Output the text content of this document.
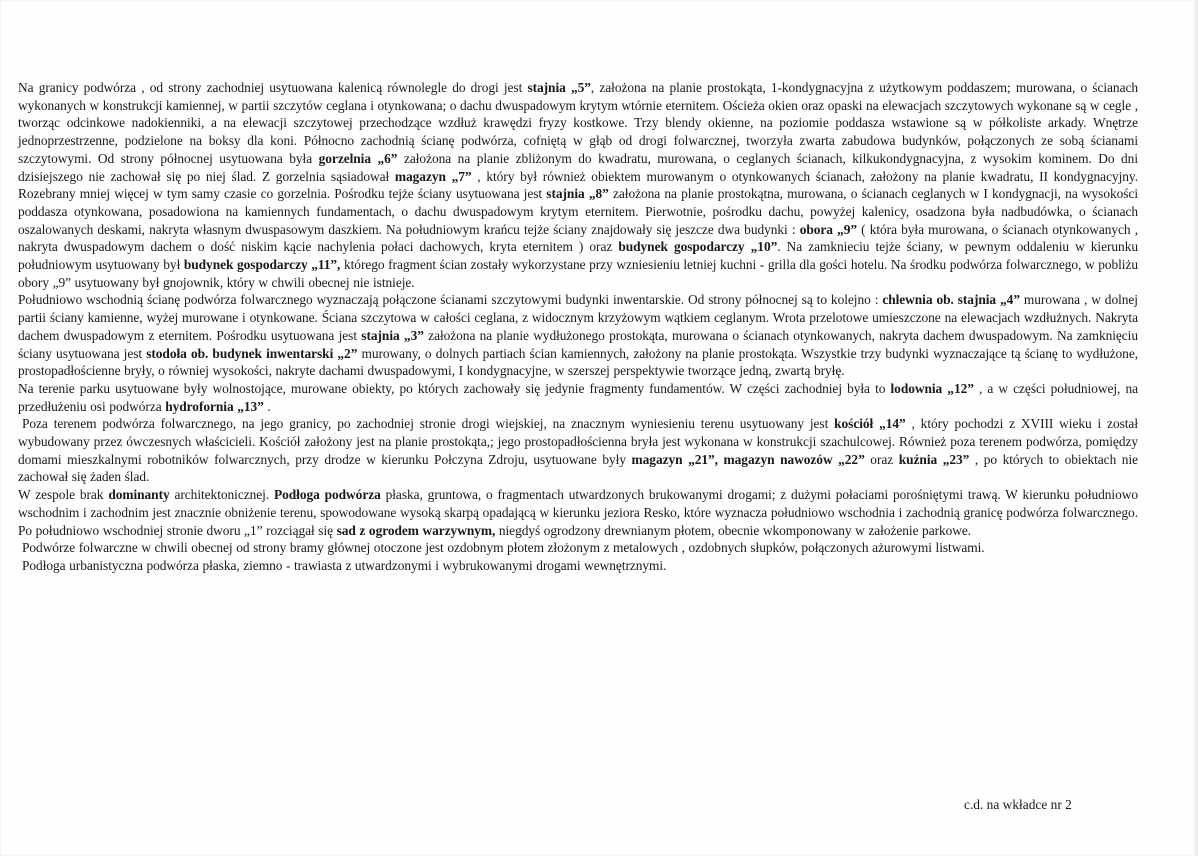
Na granicy podwórza , od strony zachodniej usytuowana kalenicą równolegle do drogi jest stajnia „5”, założona na planie prostokąta, 1-kondygnacyjna z użytkowym poddaszem; murowana, o ścianach wykonanych w konstrukcji kamiennej, w partii szczytów ceglana i otynkowana; o dachu dwuspadowym krytym wtórnie eternitem. Ościeża okien oraz opaski na elewacjach szczytowych wykonane są w cegle , tworząc odcinkowe nadokienniki, a na elewacji szczytowej przechodzące wzdłuż krawędzi fryzy kostkowe. Trzy blendy okienne, na poziomie poddasza wstawione są w półkoliste arkady. Wnętrze jednoprzestrzenne, podzielone na boksy dla koni. Północno zachodnią ścianę podwórza, cofniętą w głąb od drogi folwarcznej, tworzyła zwarta zabudowa budynków, połączonych ze sobą ścianami szczytowymi. Od strony północnej usytuowana była gorzelnia „6” założona na planie zbliżonym do kwadratu, murowana, o ceglanych ścianach, kilkukondygnacyjna, z wysokim kominem. Do dni dzisiejszego nie zachował się po niej ślad. Z gorzelnia sąsiadował magazyn „7” , który był również obiektem murowanym o otynkowanych ścianach, założony na planie kwadratu, II kondygnacyjny. Rozebrany mniej więcej w tym samy czasie co gorzelnia. Pośrodku tejże ściany usytuowana jest stajnia „8” założona na planie prostokątna, murowana, o ścianach ceglanych w I kondygnacji, na wysokości poddasza otynkowana, posadowiona na kamiennych fundamentach, o dachu dwuspadowym krytym eternitem. Pierwotnie, pośrodku dachu, powyżej kalenicy, osadzona była nadbudówka, o ścianach oszalowanych deskami, nakryta własnym dwuspasowym daszkiem. Na południowym krańcu tejże ściany znajdowały się jeszcze dwa budynki : obora „9” ( która była murowana, o ścianach otynkowanych , nakryta dwuspadowym dachem o dość niskim kącie nachylenia połaci dachowych, kryta eternitem ) oraz budynek gospodarczy „10”. Na zamknieciu tejże ściany, w pewnym oddaleniu w kierunku południowym usytuowany był budynek gospodarczy „11”, którego fragment ścian zostały wykorzystane przy wzniesieniu letniej kuchni - grilla dla gości hotelu. Na środku podwórza folwarcznego, w pobliżu obory „9” usytuowany był gnojownik, który w chwili obecnej nie istnieje.

Południowo wschodnią ścianę podwórza folwarcznego wyznaczają połączone ścianami szczytowymi budynki inwentarskie. Od strony północnej są to kolejno : chlewnia ob. stajnia „4” murowana , w dolnej partii ściany kamienne, wyżej murowane i otynkowane. Ściana szczytowa w całości ceglana, z widocznym krzyżowym wątkiem ceglanym. Wrota przelotowe umieszczone na elewacjach wzdłużnych. Nakryta dachem dwuspadowym z eternitem. Pośrodku usytuowana jest stajnia „3” założona na planie wydłużonego prostokąta, murowana o ścianach otynkowanych, nakryta dachem dwuspadowym. Na zamknięciu ściany usytuowana jest stodoła ob. budynek inwentarski „2” murowany, o dolnych partiach ścian kamiennych, założony na planie prostokąta. Wszystkie trzy budynki wyznaczające tą ścianę to wydłużone, prostopadłościenne bryły, o równiej wysokości, nakryte dachami dwuspadowymi, I kondygnacyjne, w szerszej perspektywie tworzące jedną, zwartą bryłę.

Na terenie parku usytuowane były wolnostojące, murowane obiekty, po których zachowały się jedynie fragmenty fundamentów. W części zachodniej była to lodownia „12” , a w części południowej, na przedłużeniu osi podwórza hydrofornia „13” .

Poza terenem podwórza folwarcznego, na jego granicy, po zachodniej stronie drogi wiejskiej, na znacznym wyniesieniu terenu usytuowany jest kościół „14” , który pochodzi z XVIII wieku i został wybudowany przez ówczesnych właścicieli. Kościół założony jest na planie prostokąta,; jego prostopadłościenna bryła jest wykonana w konstrukcji szachulcowej. Również poza terenem podwórza, pomiędzy domami mieszkalnymi robotników folwarcznych, przy drodze w kierunku Połczyna Zdroju, usytuowane były magazyn „21”, magazyn nawozów „22” oraz kuźnia „23” , po których to obiektach nie zachował się żaden ślad.

W zespole brak dominanty architektonicznej. Podłoga podwórza płaska, gruntowa, o fragmentach utwardzonych brukowanymi drogami; z dużymi połaciami porośniętymi trawą. W kierunku południowo wschodnim i zachodnim jest znacznie obniżenie terenu, spowodowane wysoką skarpą opadającą w kierunku jeziora Resko, które wyznacza południowo wschodnia i zachodnią granicę podwórza folwarcznego. Po południowo wschodniej stronie dworu „1” rozciągał się sad z ogrodem warzywnym, niegdyś ogrodzony drewnianym płotem, obecnie wkomponowany w założenie parkowe.

Podwórze folwarczne w chwili obecnej od strony bramy głównej otoczone jest ozdobnym płotem złożonym z metalowych , ozdobnych słupków, połączonych ażurowymi listwami.

Podłoga urbanistyczna podwórza płaska, ziemno - trawiasta z utwardzonymi i wybrukowanymi drogami wewnętrznymi.

c.d. na wkładce nr 2
